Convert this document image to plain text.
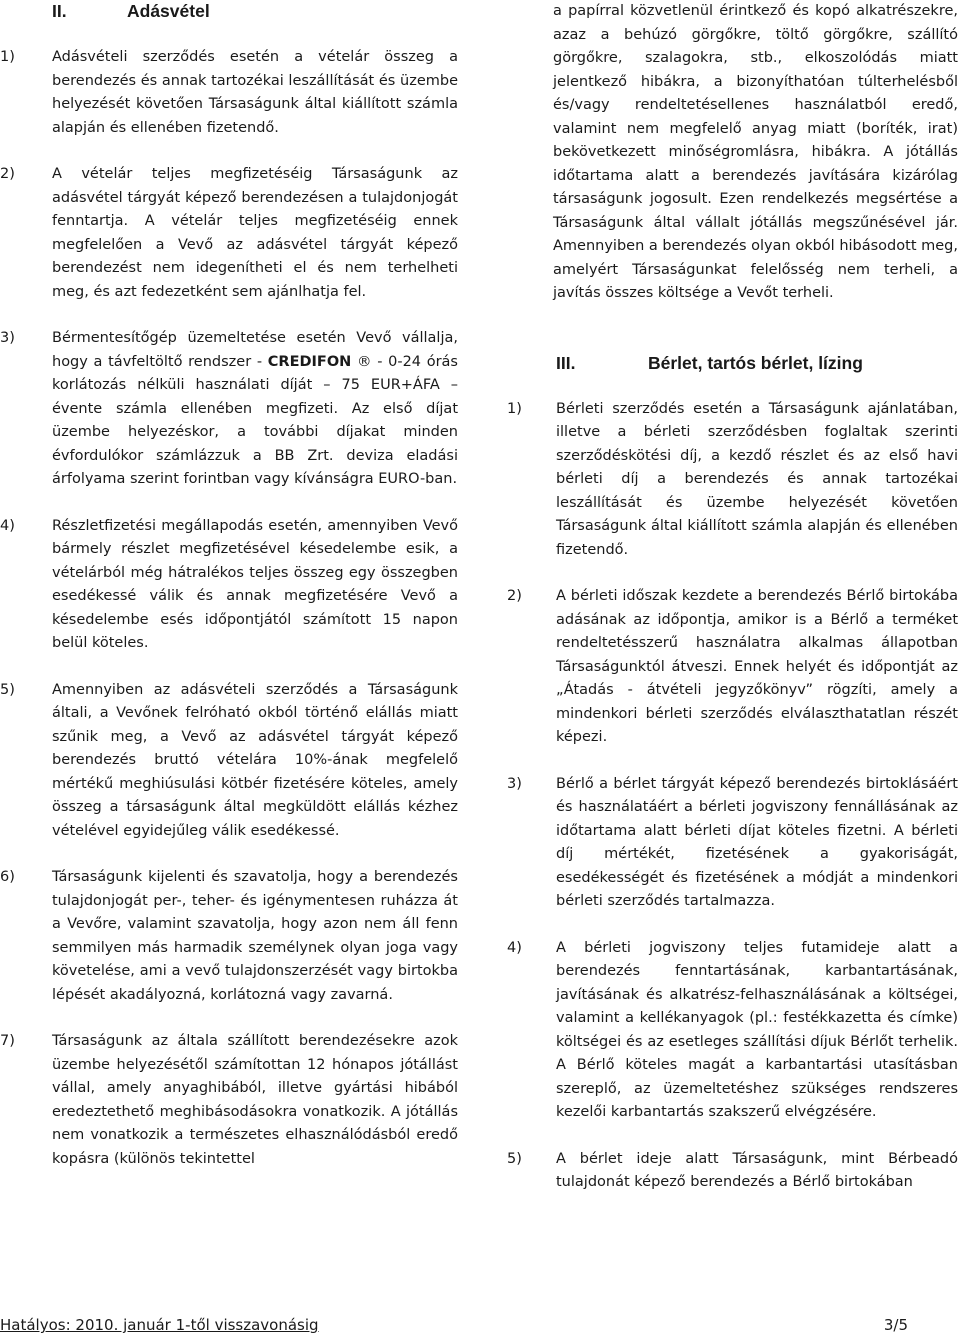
II.	Adásvétel
1)	Adásvételi szerződés esetén a vételár összeg a berendezés és annak tartozékai leszállítását és üzembe helyezését követően Társaságunk által kiállított számla alapján és ellenében fizetendő.
2)	A vételár teljes megfizetéséig Társaságunk az adásvétel tárgyát képező berendezésen a tulajdonjogát fenntartja. A vételár teljes megfizetéséig ennek megfelelően a Vevő az adásvétel tárgyát képező berendezést nem idegenítheti el és nem terhelheti meg, és azt fedezetként sem ajánlhatja fel.
3)	Bérmentesítőgép üzemeltetése esetén Vevő vállalja, hogy a távfeltöltő rendszer - CREDIFON ® - 0-24 órás korlátozás nélküli használati díját – 75 EUR+ÁFA – évente számla ellenében megfizeti. Az első díjat üzembe helyezéskor, a további díjakat minden évfordulókor számlázzuk a BB Zrt. deviza eladási árfolyama szerint forintban vagy kívánságra EURO-ban.
4)	Részletfizetési megállapodás esetén, amennyiben Vevő bármely részlet megfizetésével késedelembe esik, a vételárból még hátralékos teljes összeg egy összegben esedékessé válik és annak megfizetésére Vevő a késedelembe esés időpontjától számított 15 napon belül köteles.
5)	Amennyiben az adásvételi szerződés a Társaságunk általi, a Vevőnek felróható okból történő elállás miatt szűnik meg, a Vevő az adásvétel tárgyát képező berendezés bruttó vételára 10%-ának megfelelő mértékű meghiúsulási kötbér fizetésére köteles, amely összeg a társaságunk által megküldött elállás kézhez vételével egyidejűleg válik esedékessé.
6)	Társaságunk kijelenti és szavatolja, hogy a berendezés tulajdonjogát per-, teher- és igénymentesen ruházza át a Vevőre, valamint szavatolja, hogy azon nem áll fenn semmilyen más harmadik személynek olyan joga vagy követelése, ami a vevő tulajdonszerzését vagy birtokba lépését akadályozná, korlátozná vagy zavarná.
7)	Társaságunk az általa szállított berendezésekre azok üzembe helyezésétől számítottan 12 hónapos jótállást vállal, amely anyaghibából, illetve gyártási hibából eredeztethető meghibásodásokra vonatkozik. A jótállás nem vonatkozik a természetes elhasználódásból eredő kopásra (különös tekintettel
a papírral közvetlenül érintkező és kopó alkatrészekre, azaz a behúzó görgőkre, töltő görgőkre, szállító görgőkre, szalagokra, stb., elkoszolódás miatt jelentkező hibákra, a bizonyíthatóan túlterhelésből és/vagy rendeltetésellenes használatból eredő, valamint nem megfelelő anyag miatt (boríték, irat) bekövetkezett minőségromlásra, hibákra. A jótállás időtartama alatt a berendezés javítására kizárólag társaságunk jogosult. Ezen rendelkezés megsértése a Társaságunk által vállalt jótállás megszűnésével jár. Amennyiben a berendezés olyan okból hibásodott meg, amelyért Társaságunkat felelősség nem terheli, a javítás összes költsége a Vevőt terheli.
III.	Bérlet, tartós bérlet, lízing
1) Bérleti szerződés esetén a Társaságunk ajánlatában, illetve a bérleti szerződésben foglaltak szerinti szerződéskötési díj, a kezdő részlet és az első havi bérleti díj a berendezés és annak tartozékai leszállítását és üzembe helyezését követően Társaságunk által kiállított számla alapján és ellenében fizetendő.
2) A bérleti időszak kezdete a berendezés Bérlő birtokába adásának az időpontja, amikor is a Bérlő a terméket rendeltetésszerű használatra alkalmas állapotban Társaságunktól átveszi. Ennek helyét és időpontját az „Átadás - átvételi jegyzőkönyv” rögzíti, amely a mindenkori bérleti szerződés elválaszthatatlan részét képezi.
3) Bérlő a bérlet tárgyát képező berendezés birtoklásáért és használatáért a bérleti jogviszony fennállásának az időtartama alatt bérleti díjat köteles fizetni. A bérleti díj mértékét, fizetésének a gyakoriságát, esedékességét és fizetésének a módját a mindenkori bérleti szerződés tartalmazza.
4) A bérleti jogviszony teljes futamideje alatt a berendezés fenntartásának, karbantartásának, javításának és alkatrész-felhasználásának a költségei, valamint a kellékanyagok (pl.: festékkazetta és címke) költségei és az esetleges szállítási díjuk Bérlőt terhelik. A Bérlő köteles magát a karbantartási utasításban szereplő, az üzemeltetéshez szükséges rendszeres kezelői karbantartás szakszerű elvégzésére.
5) A bérlet ideje alatt Társaságunk, mint Bérbeadó tulajdonát képező berendezés a Bérlő birtokában
Hatályos: 2010. január 1-től visszavonásig	3/5
